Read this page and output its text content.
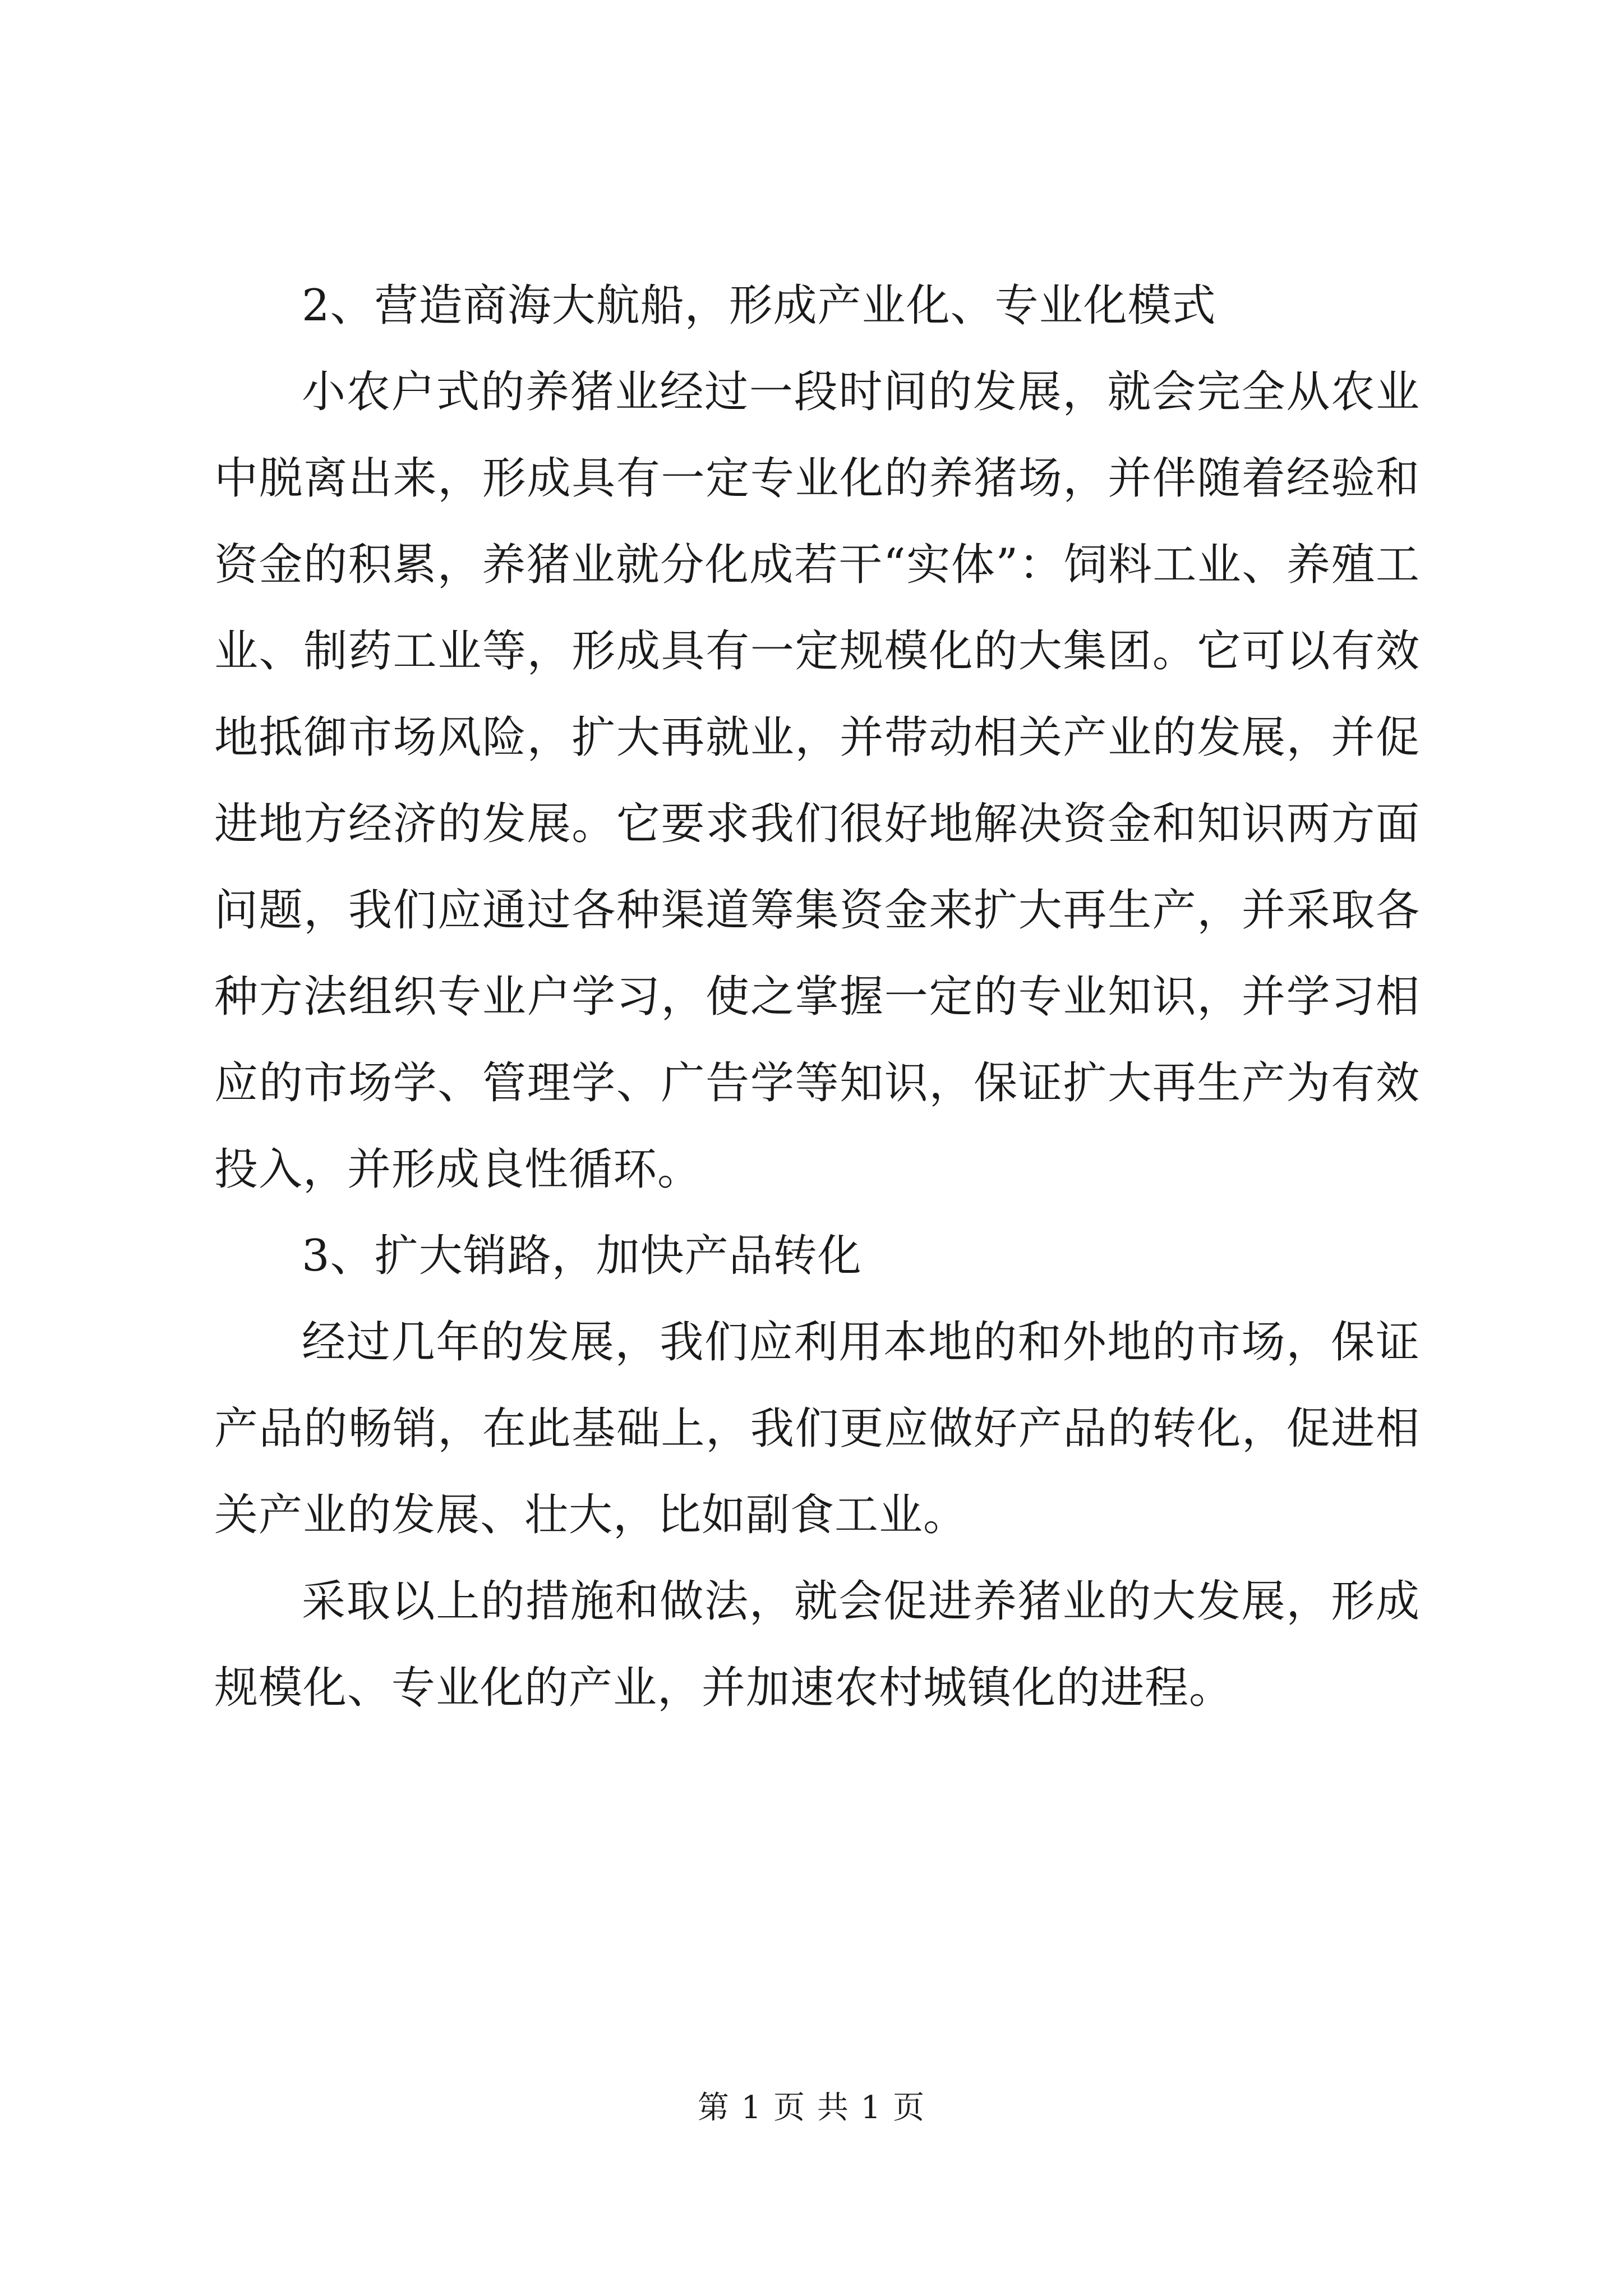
2、营造商海大航船，形成产业化、专业化模式

小农户式的养猪业经过一段时间的发展，就会完全从农业中脱离出来，形成具有一定专业化的养猪场，并伴随着经验和资金的积累，养猪业就分化成若干“实体”：饲料工业、养殖工业、制药工业等，形成具有一定规模化的大集团。它可以有效地抵御市场风险，扩大再就业，并带动相关产业的发展，并促进地方经济的发展。它要求我们很好地解决资金和知识两方面问题，我们应通过各种渠道筹集资金来扩大再生产，并采取各种方法组织专业户学习，使之掌握一定的专业知识，并学习相应的市场学、管理学、广告学等知识，保证扩大再生产为有效投入，并形成良性循环。

3、扩大销路，加快产品转化

经过几年的发展，我们应利用本地的和外地的市场，保证产品的畅销，在此基础上，我们更应做好产品的转化，促进相关产业的发展、壮大，比如副食工业。

采取以上的措施和做法，就会促进养猪业的大发展，形成规模化、专业化的产业，并加速农村城镇化的进程。

第 1 页 共 1 页
